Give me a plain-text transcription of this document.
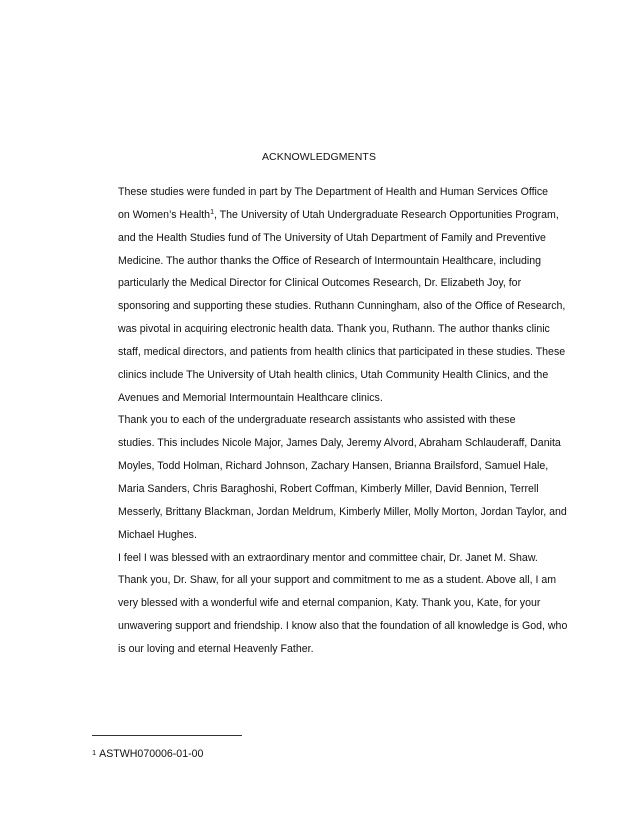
ACKNOWLEDGMENTS

These studies were funded in part by The Department of Health and Human Services Office
on Women’s Health$^1$, The University of Utah Undergraduate Research Opportunities Program,
and the Health Studies fund of The University of Utah Department of Family and Preventive
Medicine. The author thanks the Office of Research of Intermountain Healthcare, including
particularly the Medical Director for Clinical Outcomes Research, Dr. Elizabeth Joy, for
sponsoring and supporting these studies. Ruthann Cunningham, also of the Office of Research,
was pivotal in acquiring electronic health data. Thank you, Ruthann. The author thanks clinic
staff, medical directors, and patients from health clinics that participated in these studies. These
clinics include The University of Utah health clinics, Utah Community Health Clinics, and the
Avenues and Memorial Intermountain Healthcare clinics.

Thank you to each of the undergraduate research assistants who assisted with these
studies. This includes Nicole Major, James Daly, Jeremy Alvord, Abraham Schlauderaff, Danita
Moyles, Todd Holman, Richard Johnson, Zachary Hansen, Brianna Brailsford, Samuel Hale,
Maria Sanders, Chris Baraghoshi, Robert Coffman, Kimberly Miller, David Bennion, Terrell
Messerly, Brittany Blackman, Jordan Meldrum, Kimberly Miller, Molly Morton, Jordan Taylor, and
Michael Hughes.

I feel I was blessed with an extraordinary mentor and committee chair, Dr. Janet M. Shaw.
Thank you, Dr. Shaw, for all your support and commitment to me as a student. Above all, I am
very blessed with a wonderful wife and eternal companion, Katy. Thank you, Kate, for your
unwavering support and friendship. I know also that the foundation of all knowledge is God, who
is our loving and eternal Heavenly Father.

1 ASTWH070006-01-00
